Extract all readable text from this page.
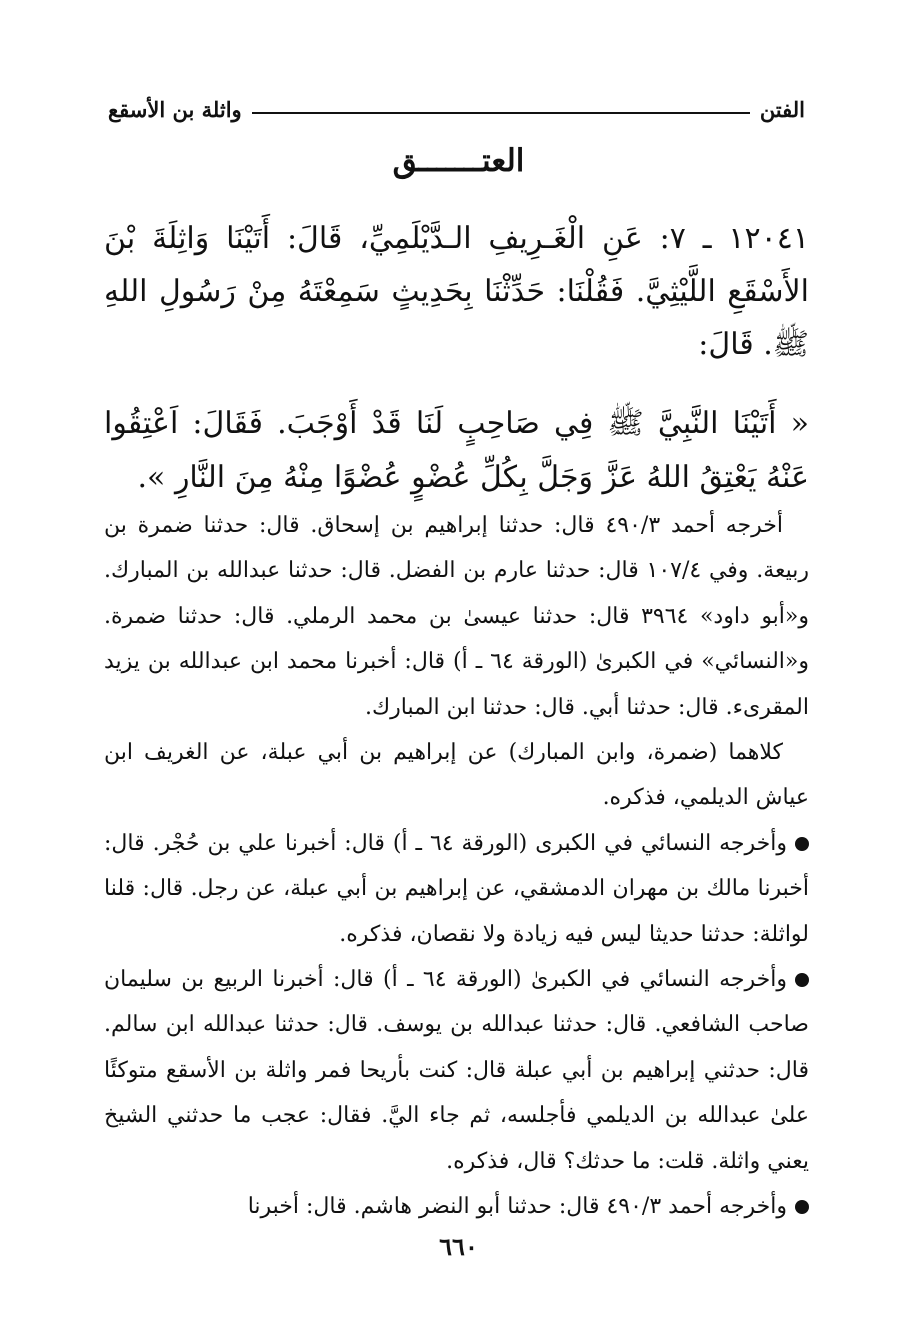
الفتن
واثلة بن الأسقع
العتـــــــق

١٢٠٤١ ـ ٧: عَنِ الْغَـرِيفِ الـدَّيْلَمِيِّ، قَالَ: أَتَيْنَا وَاثِلَةَ بْنَ الأَسْقَعِ اللَّيْثِيَّ. فَقُلْنَا: حَدِّثْنَا بِحَدِيثٍ سَمِعْتَهُ مِنْ رَسُولِ اللهِ ﷺ. قَالَ:

« أَتَيْنَا النَّبِيَّ ﷺ فِي صَاحِبٍ لَنَا قَدْ أَوْجَبَ. فَقَالَ: اَعْتِقُوا عَنْهُ يَعْتِقُ اللهُ عَزَّ وَجَلَّ بِكُلِّ عُضْوٍ عُضْوًا مِنْهُ مِنَ النَّارِ ».

أخرجه أحمد ٤٩٠/٣ قال: حدثنا إبراهيم بن إسحاق. قال: حدثنا ضمرة بن ربيعة. وفي ١٠٧/٤ قال: حدثنا عارم بن الفضل. قال: حدثنا عبدالله بن المبارك. و«أبو داود» ٣٩٦٤ قال: حدثنا عيسىٰ بن محمد الرملي. قال: حدثنا ضمرة. و«النسائي» في الكبرىٰ (الورقة ٦٤ ـ أ) قال: أخبرنا محمد ابن عبدالله بن يزيد المقرىء. قال: حدثنا أبي. قال: حدثنا ابن المبارك.

كلاهما (ضمرة، وابن المبارك) عن إبراهيم بن أبي عبلة، عن الغريف ابن عياش الديلمي، فذكره.

وأخرجه النسائي في الكبرى (الورقة ٦٤ ـ أ) قال: أخبرنا علي بن حُجْر. قال: أخبرنا مالك بن مهران الدمشقي، عن إبراهيم بن أبي عبلة، عن رجل. قال: قلنا لواثلة: حدثنا حديثا ليس فيه زيادة ولا نقصان، فذكره.

وأخرجه النسائي في الكبرىٰ (الورقة ٦٤ ـ أ) قال: أخبرنا الربيع بن سليمان صاحب الشافعي. قال: حدثنا عبدالله بن يوسف. قال: حدثنا عبدالله ابن سالم. قال: حدثني إبراهيم بن أبي عبلة قال: كنت بأريحا فمر واثلة بن الأسقع متوكئًا علىٰ عبدالله بن الديلمي فأجلسه، ثم جاء اليَّ. فقال: عجب ما حدثني الشيخ يعني واثلة. قلت: ما حدثك؟ قال، فذكره.

وأخرجه أحمد ٤٩٠/٣ قال: حدثنا أبو النضر هاشم. قال: أخبرنا

٦٦٠
